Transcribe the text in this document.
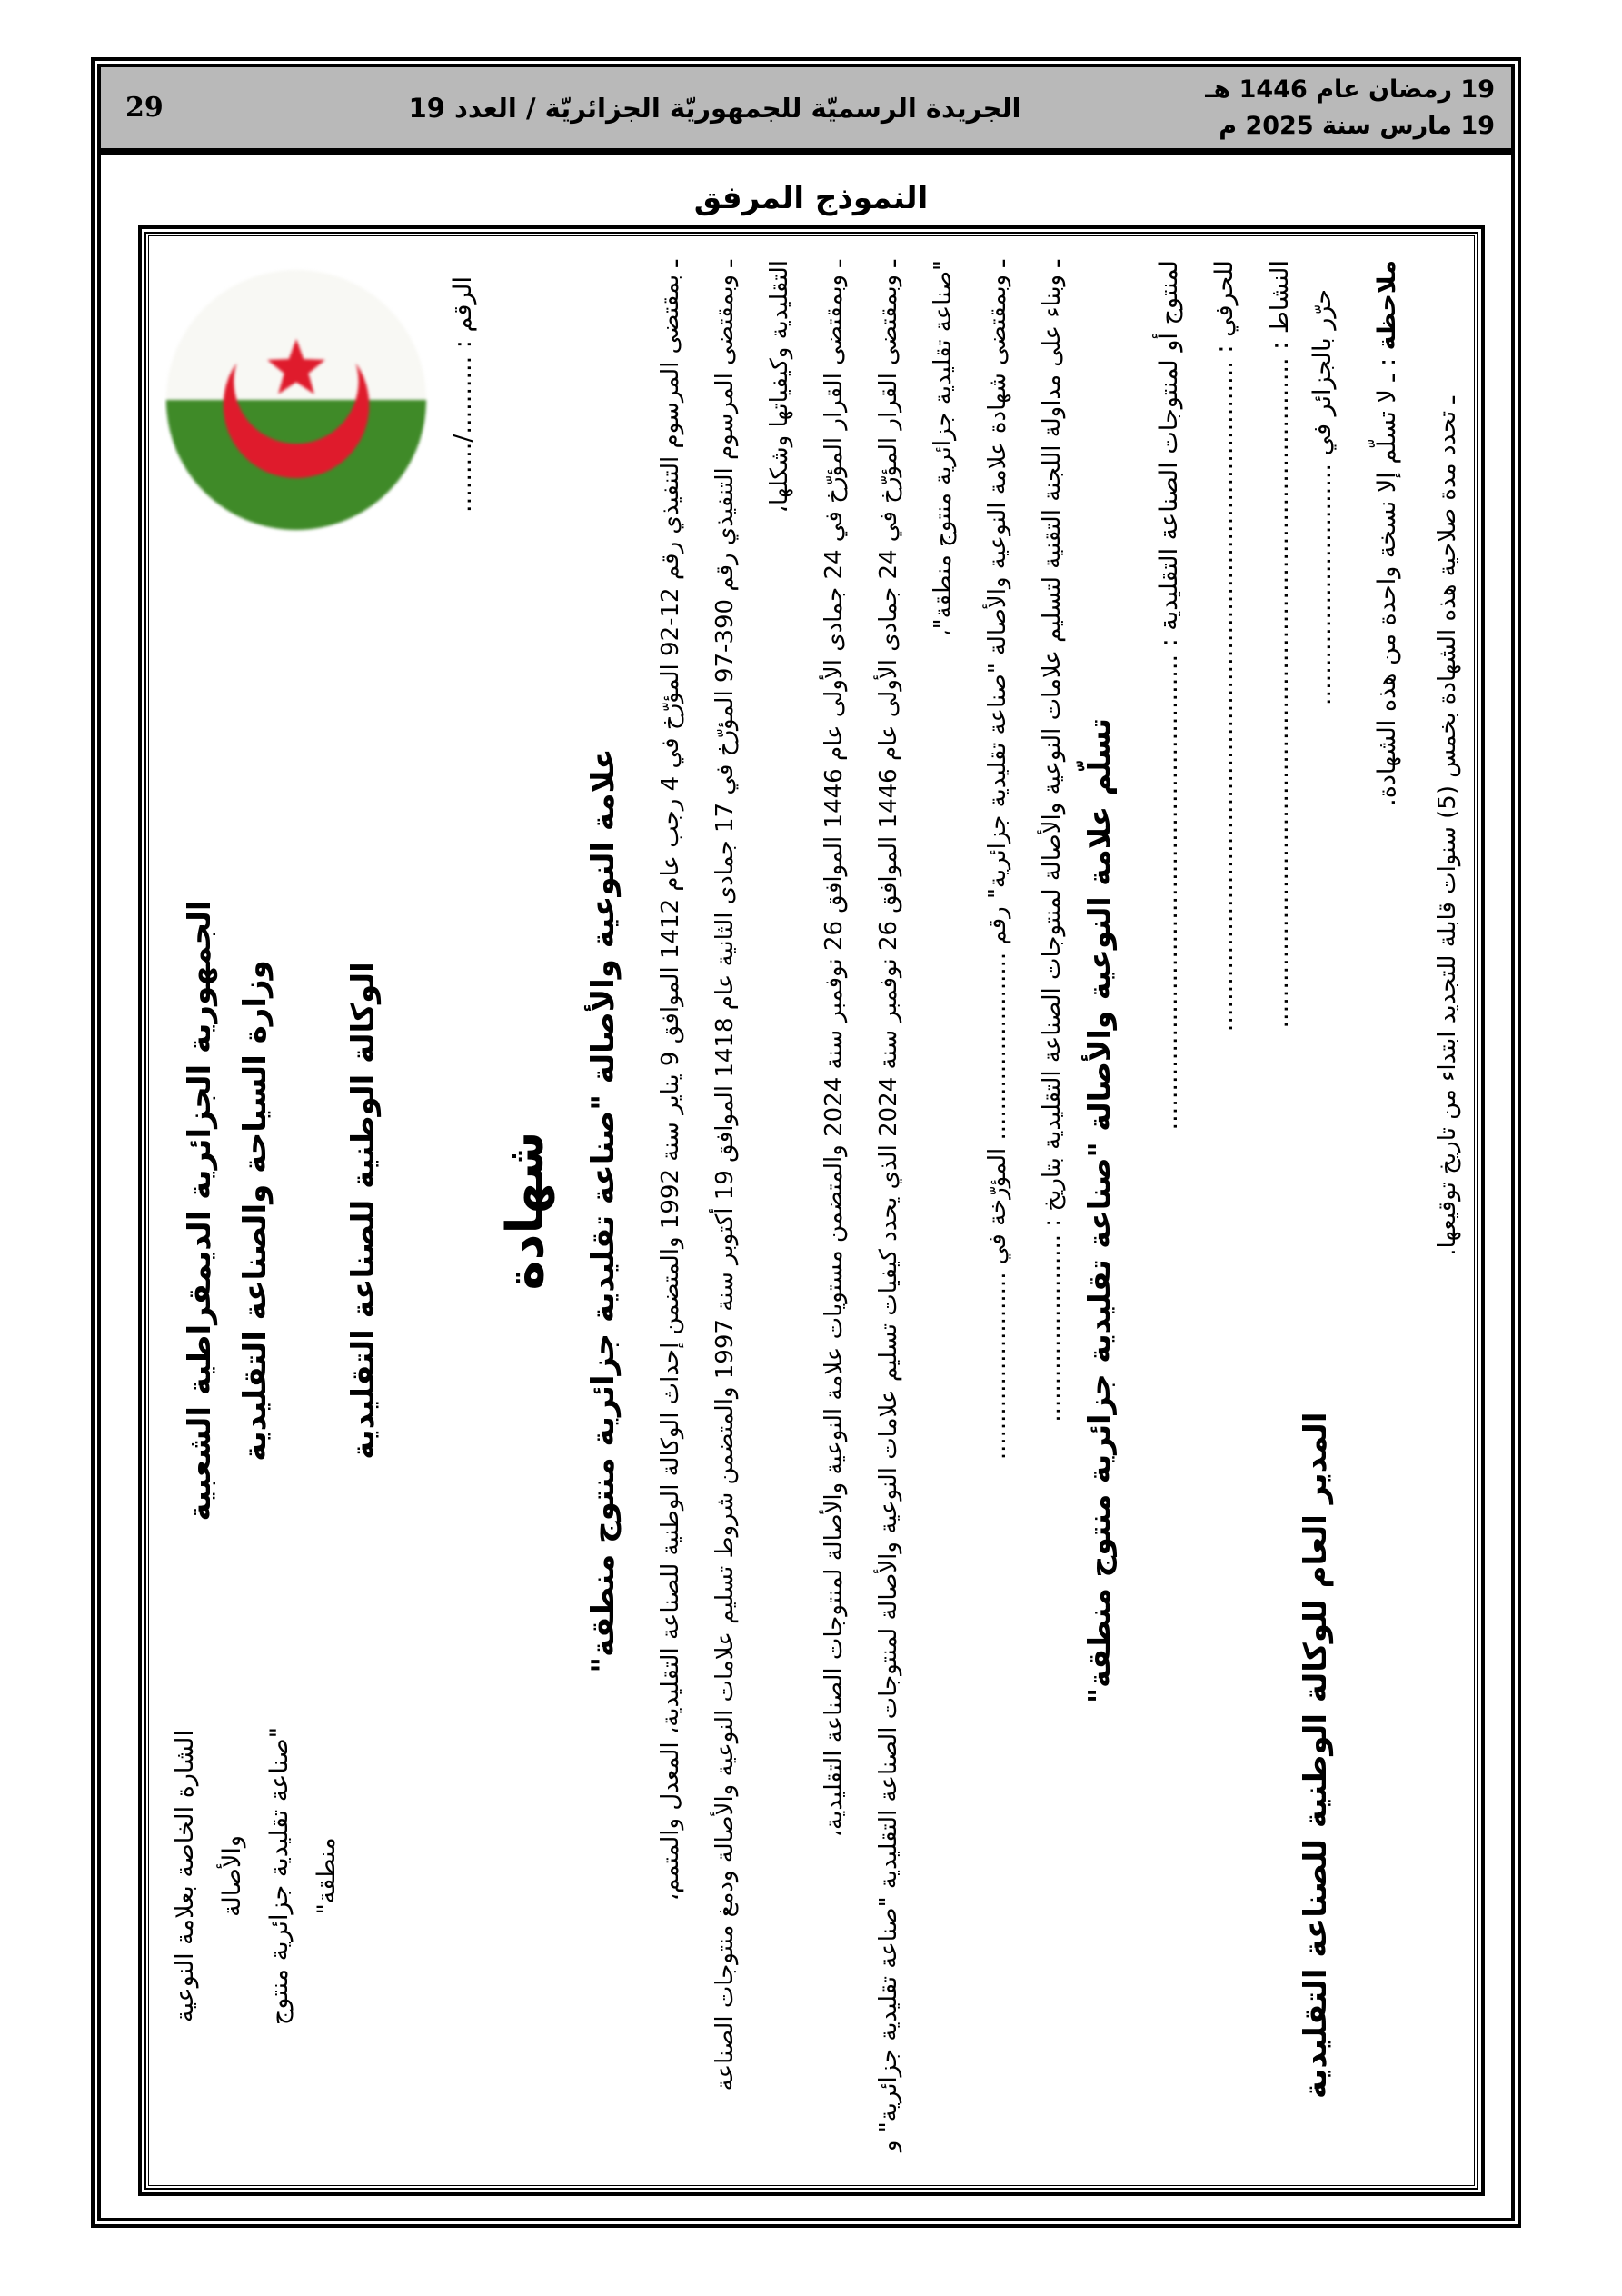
29	الجريدة الرسميّة للجمهوريّة الجزائريّة / العدد 19
19 رمضان عام 1446 هـ
19 مارس سنة 2025 م
النموذج المرفق
الشارة الخاصة بعلامة النوعية والأصالة "صناعة تقليدية جزائرية منتوج منطقة"
الجمهورية الجزائرية الديمقراطية الشعبية وزارة السياحة والصناعة التقليدية	الوكالة الوطنية للصناعة التقليدية
الرقم : ........../.........
شهادة علامة النوعية والأصالة "صناعة تقليدية جزائرية منتوج منطقة"	ـ بمقتضى المرسوم التنفيذي رقم 12-92 المؤرّخ في 4 رجب عام 1412 الموافق 9 يناير سنة 1992 والمتضمن إحداث الوكالة الوطنية للصناعة التقليدية، المعدل والمتمم،
ـ وبمقتضى المرسوم التنفيذي رقم 390-97 المؤرّخ في 17 جمادى الثانية عام 1418 الموافق 19 أكتوبر سنة 1997 والمتضمن شروط تسليم علامات النوعية والأصالة ودمغ منتوجات الصناعة التقليدية وكيفياتها وشكلها،
ـ وبمقتضى القرار المؤرّخ في 24 جمادى الأولى عام 1446 الموافق 26 نوفمبر سنة 2024 والمتضمن مستويات علامة النوعية والأصالة لمنتوجات الصناعة التقليدية،
ـ وبمقتضى القرار المؤرّخ في 24 جمادى الأولى عام 1446 الموافق 26 نوفمبر سنة 2024 الذي يحدد كيفيات تسليم علامات النوعية والأصالة لمنتوجات الصناعة التقليدية "صناعة تقليدية جزائرية" و "صناعة تقليدية جزائرية منتوج منطقة"،	ـ وبمقتضى شهادة علامة النوعية والأصالة "صناعة تقليدية جزائرية" رقم ......................... المؤرّخة في .........................	ـ وبناء على مداولة اللجنة التقنية لتسليم علامات النوعية والأصالة لمنتوجات الصناعة التقليدية بتاريخ : ......................... تسلّم علامة النوعية والأصالة "صناعة تقليدية جزائرية منتوج منطقة"
لمنتوج أو لمنتوجات الصناعة التقليدية : .............................................................	للحرفي : ......................................................................................	النشاط : ...................................................................................... حرّر بالجزائر في ...............................
المدير العام للوكالة الوطنية للصناعة التقليدية
ملاحظة : ـ لا تسلّم إلا نسخة واحدة من هذه الشهادة.
ـ تحدد مدة صلاحية هذه الشهادة بخمس (5) سنوات قابلة للتجديد ابتداء من تاريخ توقيعها.
